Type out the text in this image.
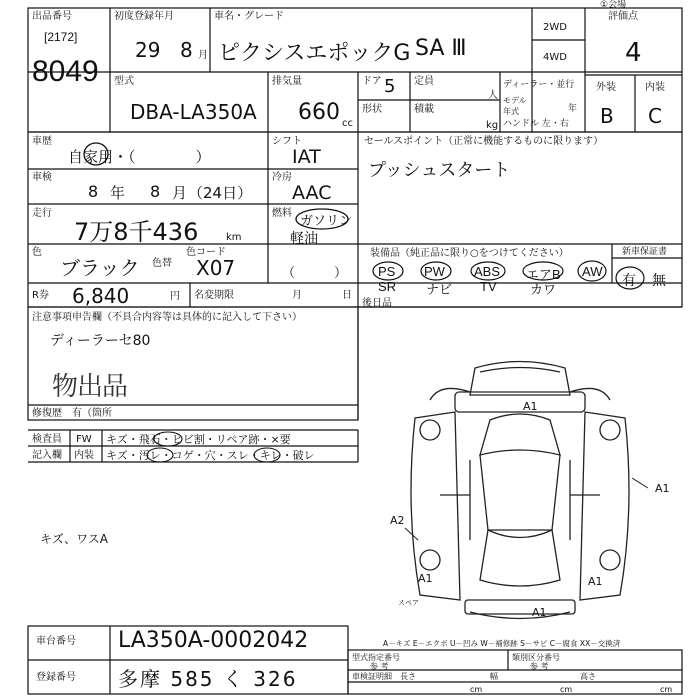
出品番号
[2172]
8049
初度登録年月
29 8 月
車名・グレード
ピクシスエポックG SA Ⅲ
2WD
4WD
評価点
4
①会場
型式
DBA-LA350A
排気量
660 cc
ドア 5
形状
定員
人
積載
kg
ディーラー・並行
モデル 年式	年
ハンドル 左・右
外装	内装
B C
車歴
自家用・（　　　　）
シフト
IAT
セールスポイント（正常に機能するものに限ります）
プッシュスタート
車検
8 年 8 月 （24日）
冷房
AAC
走行
7万8千436	km
燃料
ガソリン
軽油
色
ブラック 色替
色コード
X07	（　　　）
装備品（純正品に限り○をつけてください）
PS PW ABS エアB AW
SR ナビ TV	カワ
新車保証書
有 無
R券 6,840	円 名変期限	月	日
後日品
注意事項申告欄（不具合内容等は具体的に記入して下さい）
ディーラーセ80
物出品
修復歴　有（箇所
検査員
記入欄
FW キズ・飛石・ヒビ割・リペア跡・×要
内装 キズ・汚レ・コゲ・穴・スレ・キレ・破レ
キズ、ワスA
A1
A1
A2
A1
A1
A1
スペア
A－キズ E－エクボ U－凹み W－補修跡 S－サビ C－腐食 XX－交換済
車台番号 LA350A-0002042
登録番号 多摩 585 く 326
型式指定番号
参 考
類別区分番号
参 考
車検証明細 長さ
cm
幅
cm
高さ
cm
